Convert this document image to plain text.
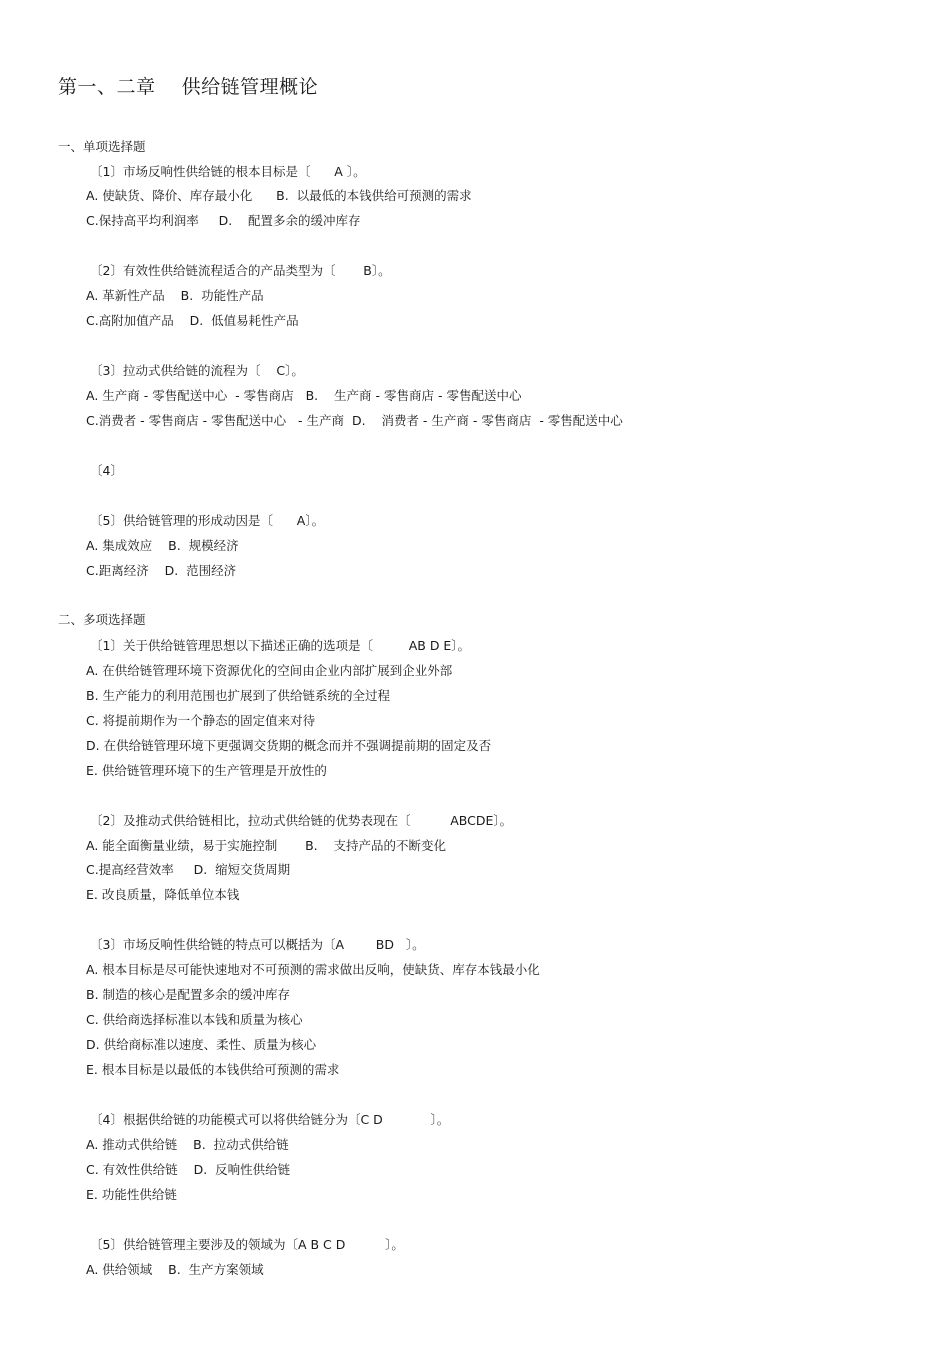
第一、二章    供给链管理概论
一、单项选择题
〔1〕市场反响性供给链的根本目标是〔      A 〕。
A. 使缺货、降价、库存最小化      B.  以最低的本钱供给可预测的需求
C.保持高平均利润率     D.    配置多余的缓冲库存
〔2〕有效性供给链流程适合的产品类型为〔       B〕。
A. 革新性产品    B.  功能性产品
C.高附加值产品    D.  低值易耗性产品
〔3〕拉动式供给链的流程为〔    C〕。
A. 生产商 - 零售配送中心  - 零售商店   B.    生产商 - 零售商店 - 零售配送中心
C.消费者 - 零售商店 - 零售配送中心   - 生产商  D.    消费者 - 生产商 - 零售商店  - 零售配送中心
〔4〕
〔5〕供给链管理的形成动因是〔      A〕。
A. 集成效应    B.  规模经济
C.距离经济    D.  范围经济
二、多项选择题
〔1〕关于供给链管理思想以下描述正确的选项是〔         AB D E〕。
A. 在供给链管理环境下资源优化的空间由企业内部扩展到企业外部
B. 生产能力的利用范围也扩展到了供给链系统的全过程
C. 将提前期作为一个静态的固定值来对待
D. 在供给链管理环境下更强调交货期的概念而并不强调提前期的固定及否
E. 供给链管理环境下的生产管理是开放性的
〔2〕及推动式供给链相比，拉动式供给链的优势表现在〔          ABCDE〕。
A. 能全面衡量业绩，易于实施控制       B.    支持产品的不断变化
C.提高经营效率     D.  缩短交货周期
E. 改良质量，降低单位本钱
〔3〕市场反响性供给链的特点可以概括为〔A        BD   〕。
A. 根本目标是尽可能快速地对不可预测的需求做出反响，使缺货、库存本钱最小化
B. 制造的核心是配置多余的缓冲库存
C. 供给商选择标准以本钱和质量为核心
D. 供给商标准以速度、柔性、质量为核心
E. 根本目标是以最低的本钱供给可预测的需求
〔4〕根据供给链的功能模式可以将供给链分为〔C D            〕。
A. 推动式供给链    B.  拉动式供给链
C. 有效性供给链    D.  反响性供给链
E. 功能性供给链
〔5〕供给链管理主要涉及的领域为〔A B C D          〕。
A. 供给领域    B.  生产方案领域
